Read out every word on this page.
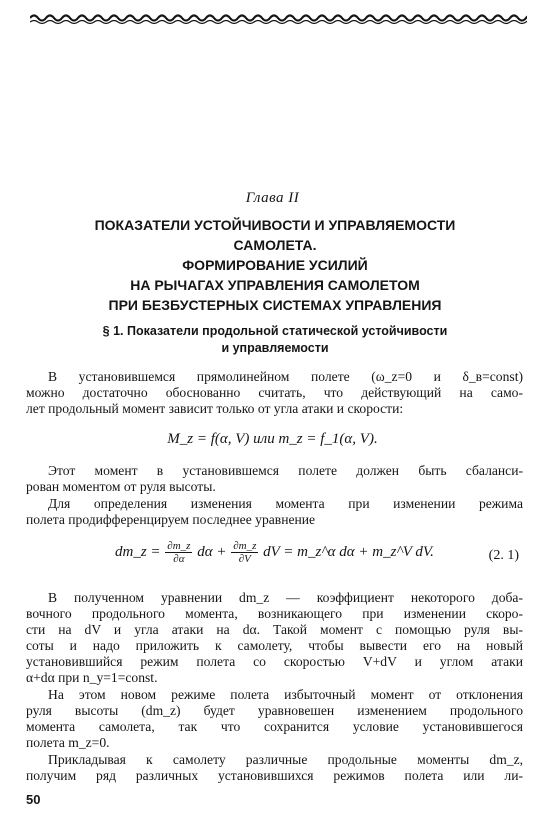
Глава II
ПОКАЗАТЕЛИ УСТОЙЧИВОСТИ И УПРАВЛЯЕМОСТИ
САМОЛЕТА.
ФОРМИРОВАНИЕ УСИЛИЙ
НА РЫЧАГАХ УПРАВЛЕНИЯ САМОЛЕТОМ
ПРИ БЕЗБУСТЕРНЫХ СИСТЕМАХ УПРАВЛЕНИЯ
§ 1. Показатели продольной статической устойчивости
и управляемости
В установившемся прямолинейном полете (ω_z=0 и δ_в=const)
можно достаточно обоснованно считать, что действующий на само-
лет продольный момент зависит только от угла атаки и скорости:
M_z = f(α, V) или m_z = f_1(α, V).
Этот момент в установившемся полете должен быть сбаланси-
рован моментом от руля высоты.
Для определения изменения момента при изменении режима
полета продифференцируем последнее уравнение
dm_z = $\frac{\partial m\_z}{\partial\alpha}$ $d\alpha + \frac{\partial m\_z}{\partial V}$ dV = m_z^α dα + m_z^V dV.	(2. 1)
В полученном уравнении dm_z — коэффициент некоторого доба-
вочного продольного момента, возникающего при изменении скоро-
сти на dV и угла атаки на dα. Такой момент с помощью руля вы-
соты и надо приложить к самолету, чтобы вывести его на новый
установившийся режим полета со скоростью V+dV и углом атаки
α+dα при n_y=1=const.
На этом новом режиме полета избыточный момент от отклонения
руля высоты (dm_z) будет уравновешен изменением продольного
момента самолета, так что сохранится условие установившегося
полета m_z=0.
Прикладывая к самолету различные продольные моменты dm_z,
получим ряд различных установившихся режимов полета или ли-
50
